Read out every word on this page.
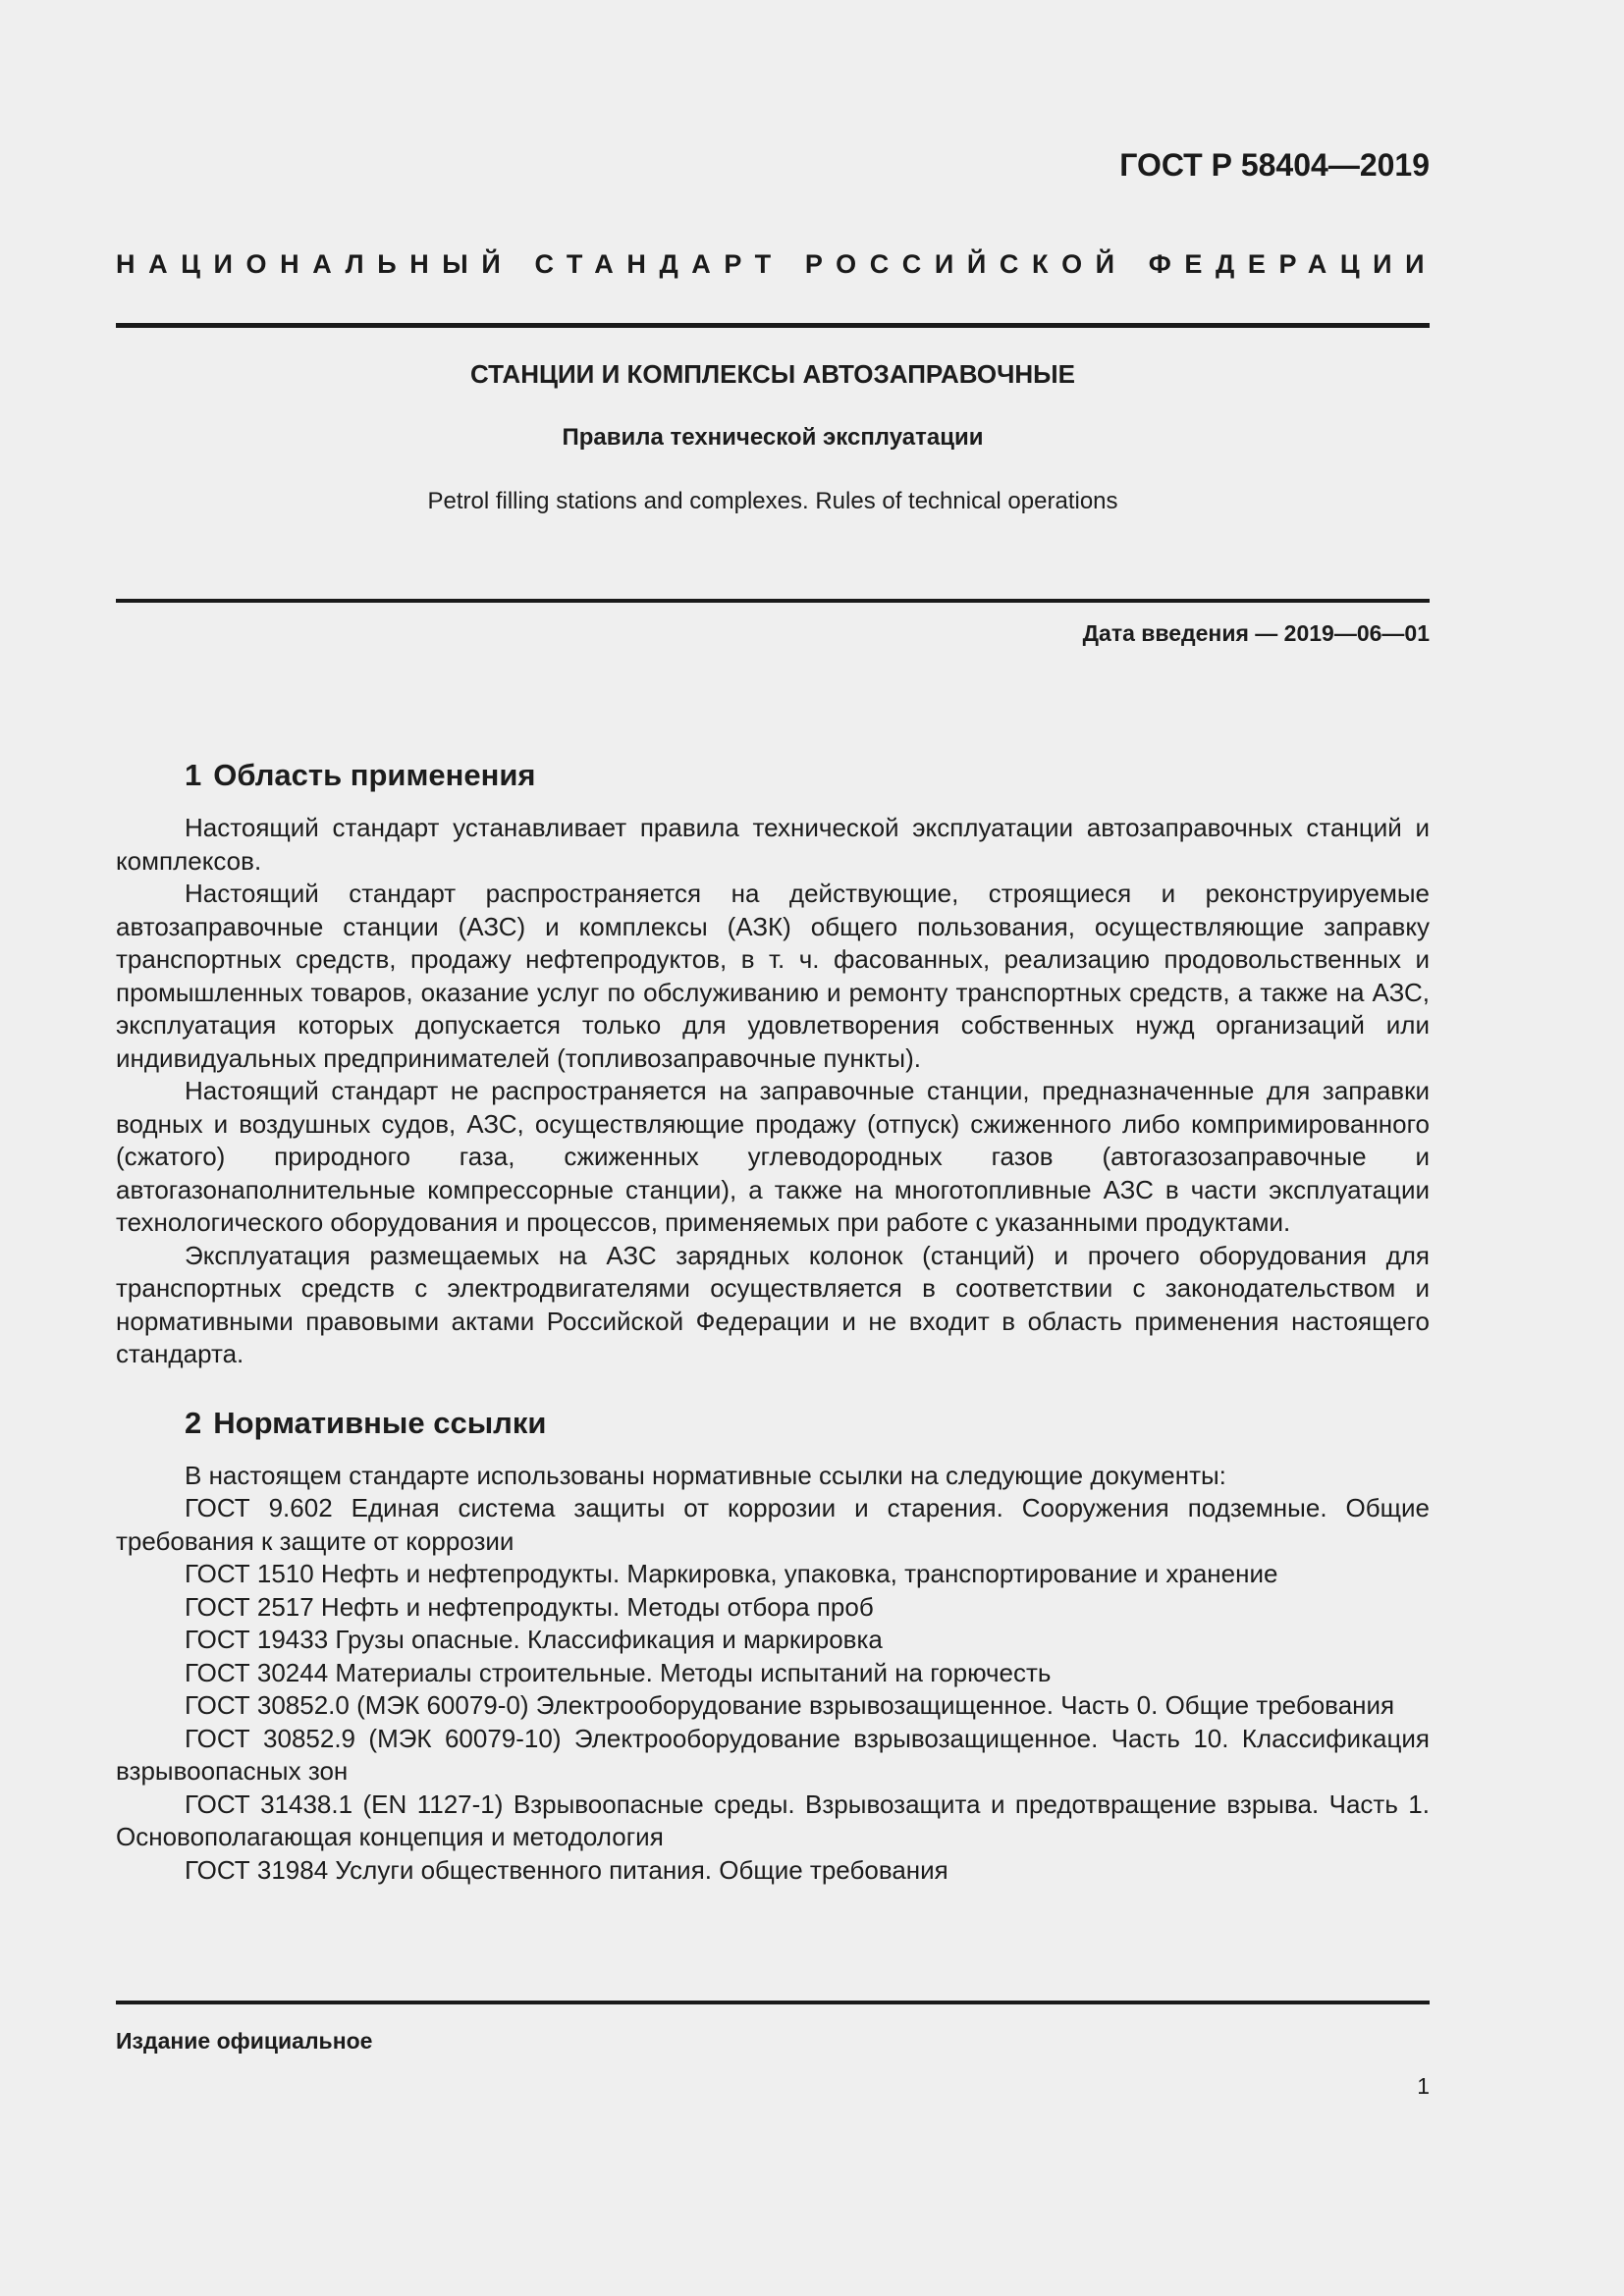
ГОСТ Р 58404—2019
НАЦИОНАЛЬНЫЙ СТАНДАРТ РОССИЙСКОЙ ФЕДЕРАЦИИ
СТАНЦИИ И КОМПЛЕКСЫ АВТОЗАПРАВОЧНЫЕ
Правила технической эксплуатации
Petrol filling stations and complexes. Rules of technical operations
Дата введения — 2019—06—01
1 Область применения

Настоящий стандарт устанавливает правила технической эксплуатации автозаправочных станций и комплексов.

Настоящий стандарт распространяется на действующие, строящиеся и реконструируемые автозаправочные станции (АЗС) и комплексы (АЗК) общего пользования, осуществляющие заправку транспортных средств, продажу нефтепродуктов, в т. ч. фасованных, реализацию продовольственных и промышленных товаров, оказание услуг по обслуживанию и ремонту транспортных средств, а также на АЗС, эксплуатация которых допускается только для удовлетворения собственных нужд организаций или индивидуальных предпринимателей (топливозаправочные пункты).

Настоящий стандарт не распространяется на заправочные станции, предназначенные для заправки водных и воздушных судов, АЗС, осуществляющие продажу (отпуск) сжиженного либо компримированного (сжатого) природного газа, сжиженных углеводородных газов (автогазозаправочные и автогазонаполнительные компрессорные станции), а также на многотопливные АЗС в части эксплуатации технологического оборудования и процессов, применяемых при работе с указанными продуктами.

Эксплуатация размещаемых на АЗС зарядных колонок (станций) и прочего оборудования для транспортных средств с электродвигателями осуществляется в соответствии с законодательством и нормативными правовыми актами Российской Федерации и не входит в область применения настоящего стандарта.

2 Нормативные ссылки

В настоящем стандарте использованы нормативные ссылки на следующие документы:

ГОСТ 9.602 Единая система защиты от коррозии и старения. Сооружения подземные. Общие требования к защите от коррозии

ГОСТ 1510 Нефть и нефтепродукты. Маркировка, упаковка, транспортирование и хранение

ГОСТ 2517 Нефть и нефтепродукты. Методы отбора проб

ГОСТ 19433 Грузы опасные. Классификация и маркировка

ГОСТ 30244 Материалы строительные. Методы испытаний на горючесть

ГОСТ 30852.0 (МЭК 60079-0) Электрооборудование взрывозащищенное. Часть 0. Общие требования

ГОСТ 30852.9 (МЭК 60079-10) Электрооборудование взрывозащищенное. Часть 10. Классификация взрывоопасных зон

ГОСТ 31438.1 (EN 1127-1) Взрывоопасные среды. Взрывозащита и предотвращение взрыва. Часть 1. Основополагающая концепция и методология

ГОСТ 31984 Услуги общественного питания. Общие требования

Издание официальное
1
